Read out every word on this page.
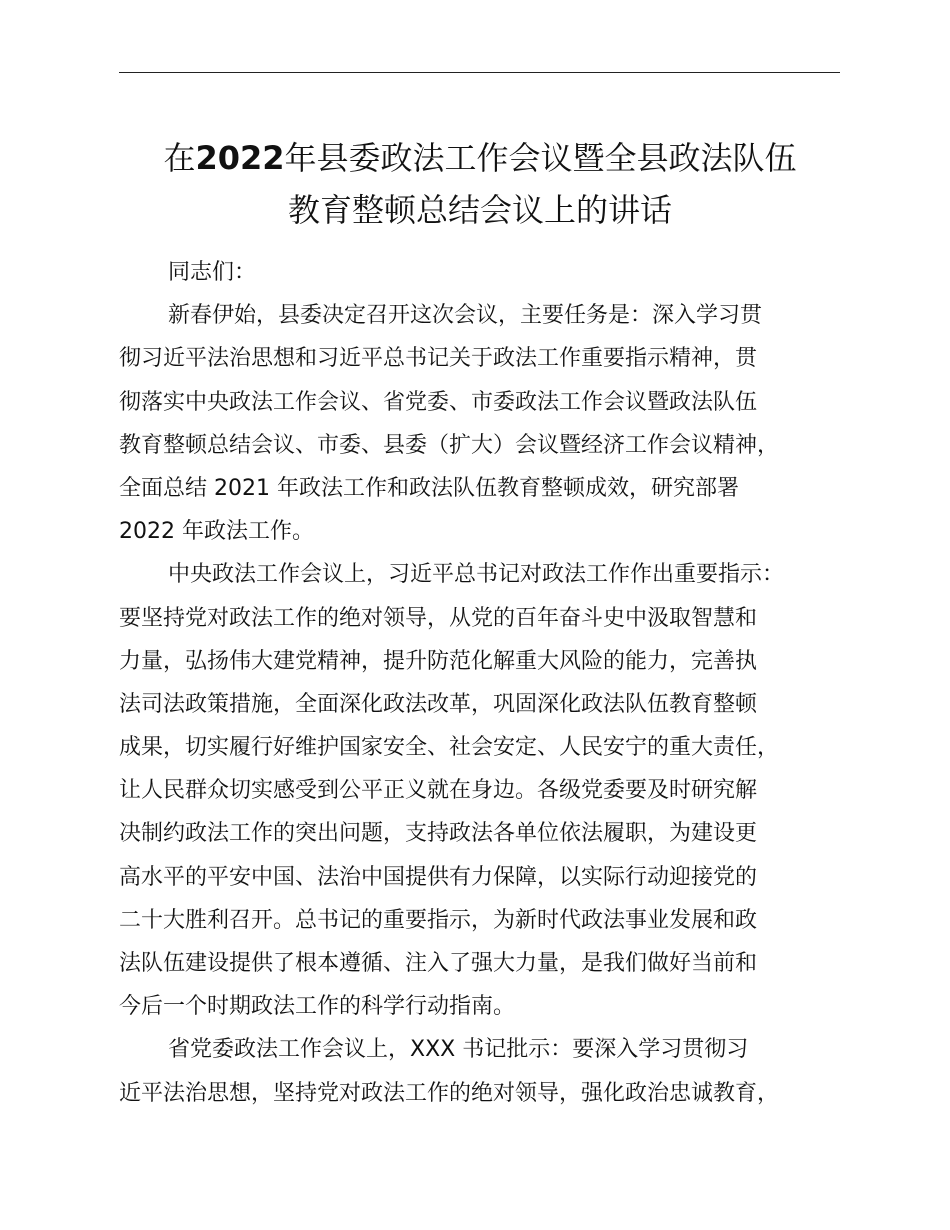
在2022年县委政法工作会议暨全县政法队伍
教育整顿总结会议上的讲话
同志们：
新春伊始，县委决定召开这次会议，主要任务是：深入学习贯
彻习近平法治思想和习近平总书记关于政法工作重要指示精神，贯
彻落实中央政法工作会议、省党委、市委政法工作会议暨政法队伍
教育整顿总结会议、市委、县委（扩大）会议暨经济工作会议精神，
全面总结 2021 年政法工作和政法队伍教育整顿成效，研究部署
2022 年政法工作。
中央政法工作会议上，习近平总书记对政法工作作出重要指示：
要坚持党对政法工作的绝对领导，从党的百年奋斗史中汲取智慧和
力量，弘扬伟大建党精神，提升防范化解重大风险的能力，完善执
法司法政策措施，全面深化政法改革，巩固深化政法队伍教育整顿
成果，切实履行好维护国家安全、社会安定、人民安宁的重大责任，
让人民群众切实感受到公平正义就在身边。各级党委要及时研究解
决制约政法工作的突出问题，支持政法各单位依法履职，为建设更
高水平的平安中国、法治中国提供有力保障，以实际行动迎接党的
二十大胜利召开。总书记的重要指示，为新时代政法事业发展和政
法队伍建设提供了根本遵循、注入了强大力量，是我们做好当前和
今后一个时期政法工作的科学行动指南。
省党委政法工作会议上，XXX 书记批示：要深入学习贯彻习
近平法治思想，坚持党对政法工作的绝对领导，强化政治忠诚教育，
